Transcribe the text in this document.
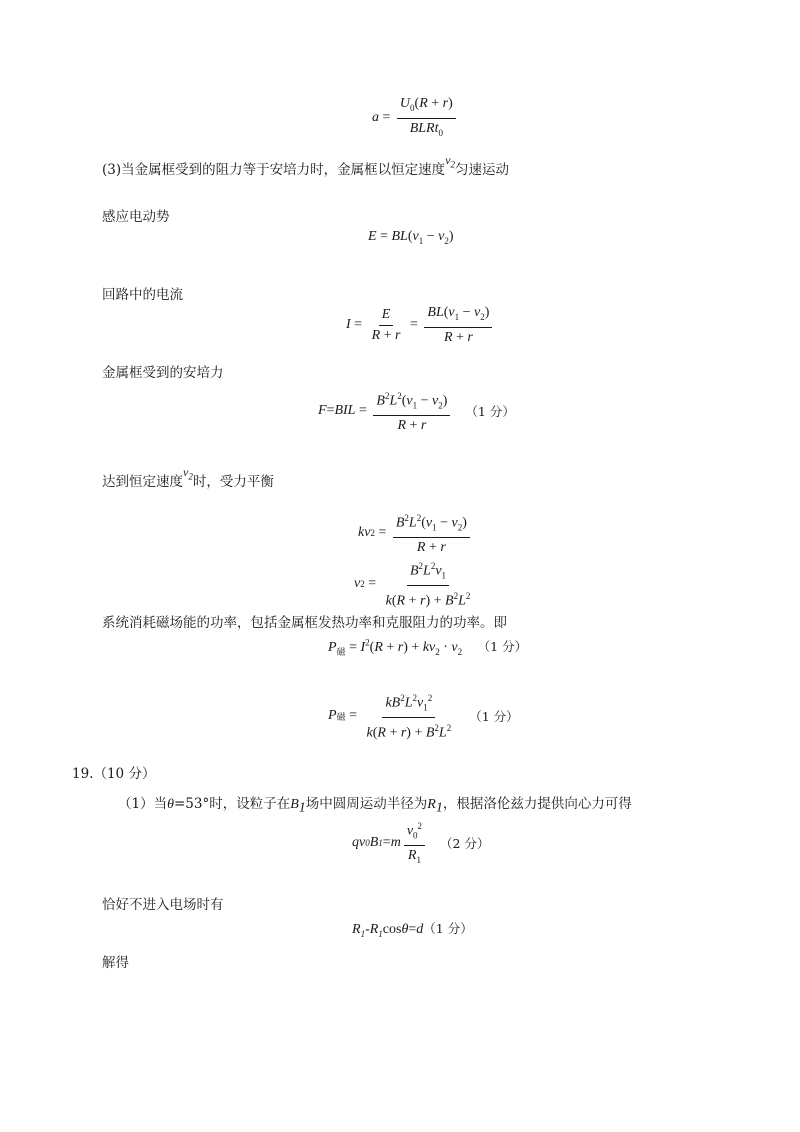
$a = \frac{U_0(R + r)}{BLRt_0}$
(3)当金属框受到的阻力等于安培力时，金属框以恒定速度$v_2$匀速运动
感应电动势
$E = BL(v_1 - v_2)$
回路中的电流
$I = \frac{E}{R + r} = \frac{BL(v_1 - v_2)}{R + r}$
金属框受到的安培力
F = BIL = $\frac{B^2L^2(v_1 - v_2)}{R + r} (1$ 分）
达到恒定速度$v_2$时，受力平衡
kv $2 = \frac{B^2L^2(v_1 - v_2)}{R + r}$
v $2 = \frac{B^2L^2v_1}{k(R + r) + B^2L^2}$
系统消耗磁场能的功率，包括金属框发热功率和克服阻力的功率。即
$P_磁 = I^2(R + r) + kv_2 \cdot v_2$ （1 分）
P 磁 = $\frac{kB^2L^2v_1^2}{k(R + r) + B^2L^2} (1$ 分）
19.（10 分）
（1）当θ=53°时，设粒子在$B_1$场中圆周运动半径为$R_1$，根据洛伦兹力提供向心力可得
qv 0 B 1 = m $\frac{v_0^2}{R_1} (2$ 分）
恰好不进入电场时有
$R_1-R_1\cos\theta=d(1$ 分）
解得
